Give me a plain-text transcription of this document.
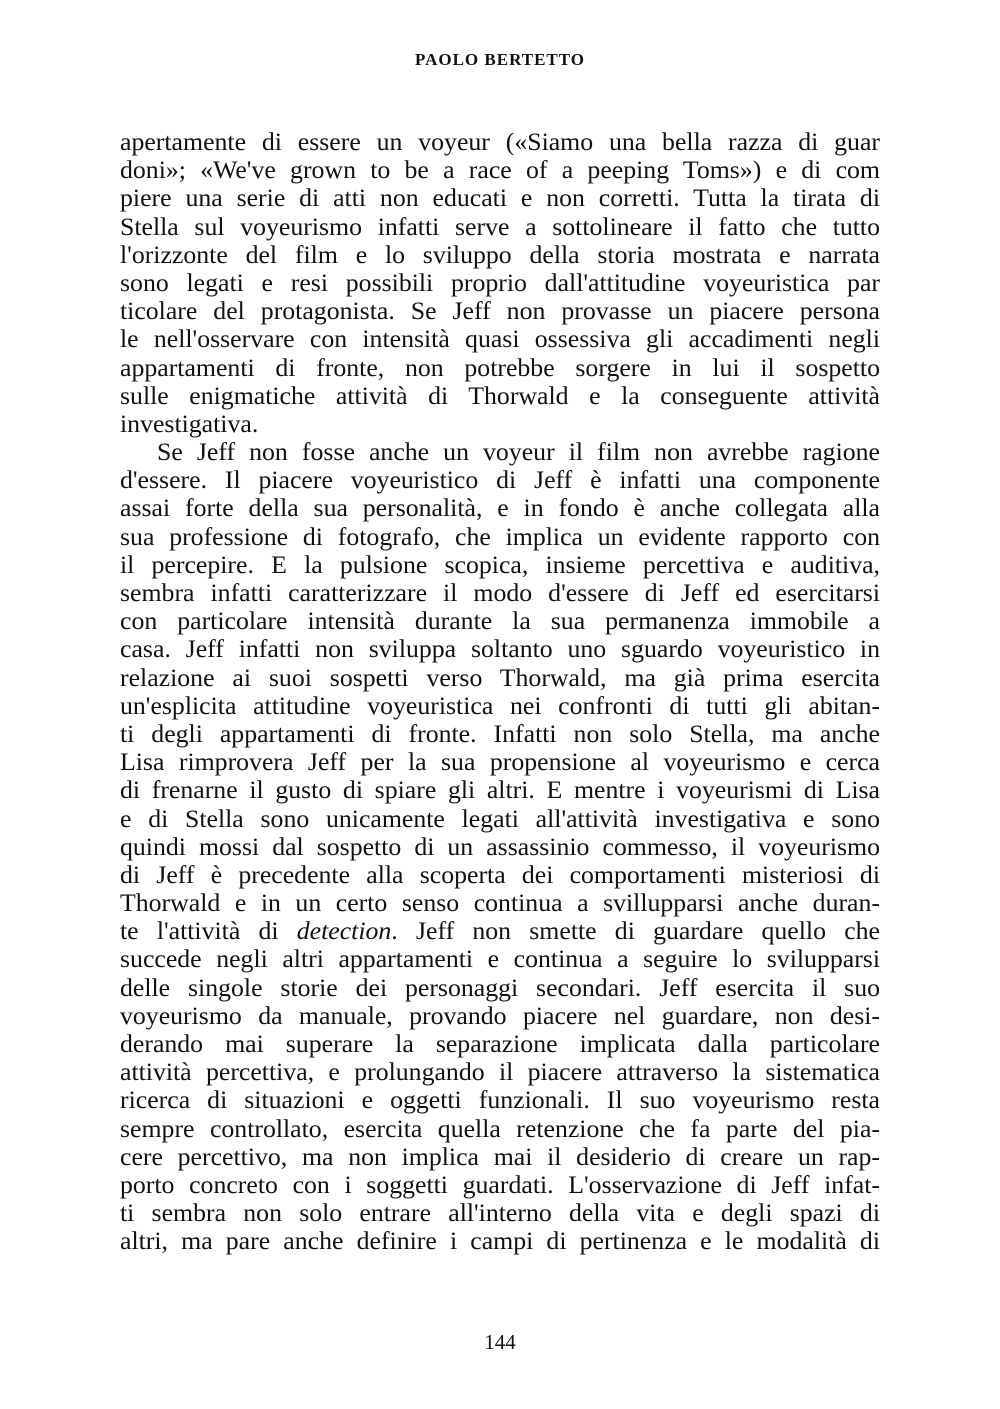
PAOLO BERTETTO
apertamente di essere un voyeur («Siamo una bella razza di guar
doni»; «We've grown to be a race of a peeping Toms») e di com
piere una serie di atti non educati e non corretti. Tutta la tirata di
Stella sul voyeurismo infatti serve a sottolineare il fatto che tutto
l'orizzonte del film e lo sviluppo della storia mostrata e narrata
sono legati e resi possibili proprio dall'attitudine voyeuristica par
ticolare del protagonista. Se Jeff non provasse un piacere persona
le nell'osservare con intensità quasi ossessiva gli accadimenti negli
appartamenti di fronte, non potrebbe sorgere in lui il sospetto
sulle enigmatiche attività di Thorwald e la conseguente attività
investigativa.
Se Jeff non fosse anche un voyeur il film non avrebbe ragione
d'essere. Il piacere voyeuristico di Jeff è infatti una componente
assai forte della sua personalità, e in fondo è anche collegata alla
sua professione di fotografo, che implica un evidente rapporto con
il percepire. E la pulsione scopica, insieme percettiva e auditiva,
sembra infatti caratterizzare il modo d'essere di Jeff ed esercitarsi
con particolare intensità durante la sua permanenza immobile a
casa. Jeff infatti non sviluppa soltanto uno sguardo voyeuristico in
relazione ai suoi sospetti verso Thorwald, ma già prima esercita
un'esplicita attitudine voyeuristica nei confronti di tutti gli abitan-
ti degli appartamenti di fronte. Infatti non solo Stella, ma anche
Lisa rimprovera Jeff per la sua propensione al voyeurismo e cerca
di frenarne il gusto di spiare gli altri. E mentre i voyeurismi di Lisa
e di Stella sono unicamente legati all'attività investigativa e sono
quindi mossi dal sospetto di un assassinio commesso, il voyeurismo
di Jeff è precedente alla scoperta dei comportamenti misteriosi di
Thorwald e in un certo senso continua a svillupparsi anche duran-
te l'attività di detection. Jeff non smette di guardare quello che
succede negli altri appartamenti e continua a seguire lo svilupparsi
delle singole storie dei personaggi secondari. Jeff esercita il suo
voyeurismo da manuale, provando piacere nel guardare, non desi-
derando mai superare la separazione implicata dalla particolare
attività percettiva, e prolungando il piacere attraverso la sistematica
ricerca di situazioni e oggetti funzionali. Il suo voyeurismo resta
sempre controllato, esercita quella retenzione che fa parte del pia-
cere percettivo, ma non implica mai il desiderio di creare un rap-
porto concreto con i soggetti guardati. L'osservazione di Jeff infat-
ti sembra non solo entrare all'interno della vita e degli spazi di
altri, ma pare anche definire i campi di pertinenza e le modalità di
144
